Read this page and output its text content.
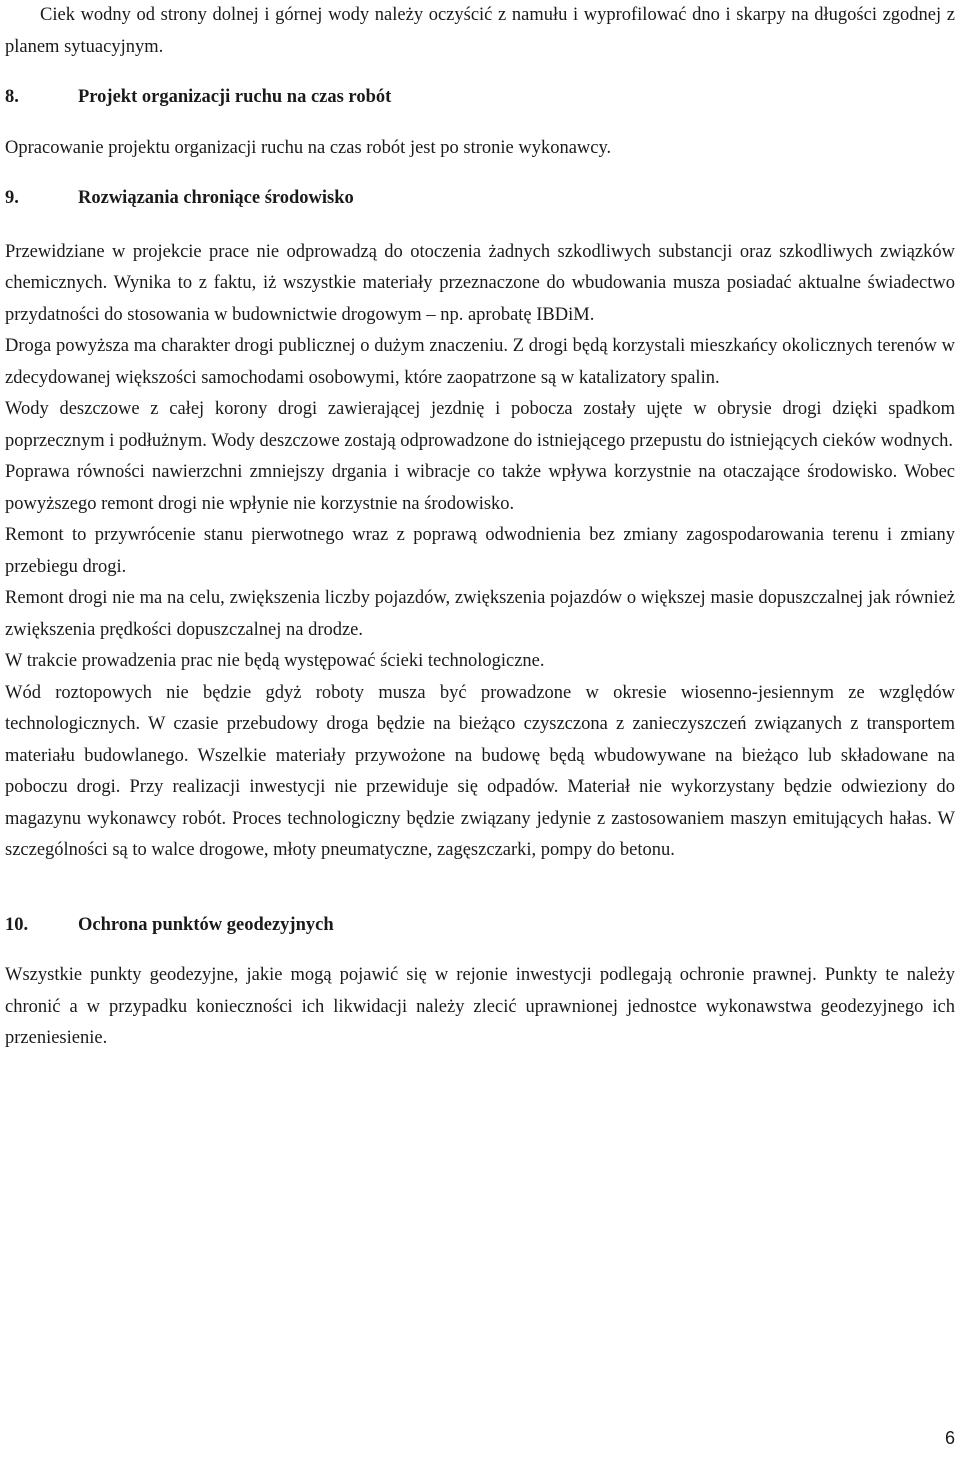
Ciek wodny od strony dolnej i górnej wody należy oczyścić z namułu i wyprofilować dno i skarpy na długości zgodnej z planem sytuacyjnym.

8.	Projekt organizacji ruchu na czas robót

Opracowanie projektu organizacji ruchu na czas robót jest po stronie wykonawcy.

9.	Rozwiązania chroniące środowisko

Przewidziane w projekcie prace nie odprowadzą do otoczenia żadnych szkodliwych substancji oraz szkodliwych związków chemicznych. Wynika to z faktu, iż wszystkie materiały przeznaczone do wbudowania musza posiadać aktualne świadectwo przydatności do stosowania w budownictwie drogowym – np. aprobatę IBDiM.

Droga powyższa ma charakter drogi publicznej o dużym znaczeniu. Z drogi będą korzystali mieszkańcy okolicznych terenów w zdecydowanej większości samochodami osobowymi, które zaopatrzone są w katalizatory spalin.

Wody deszczowe z całej korony drogi zawierającej jezdnię i pobocza zostały ujęte w obrysie drogi dzięki spadkom poprzecznym i podłużnym. Wody deszczowe zostają odprowadzone do istniejącego przepustu do istniejących cieków wodnych.

Poprawa równości nawierzchni zmniejszy drgania i wibracje co także wpływa korzystnie na otaczające środowisko. Wobec powyższego remont drogi nie wpłynie nie korzystnie na środowisko.

Remont to przywrócenie stanu pierwotnego wraz z poprawą odwodnienia bez zmiany zagospodarowania terenu i zmiany przebiegu drogi.

Remont drogi nie ma na celu, zwiększenia liczby pojazdów, zwiększenia pojazdów o większej masie dopuszczalnej jak również zwiększenia prędkości dopuszczalnej na drodze.

W trakcie prowadzenia prac nie będą występować ścieki technologiczne.

Wód roztopowych nie będzie gdyż roboty musza być prowadzone w okresie wiosenno-jesiennym ze względów technologicznych. W czasie przebudowy droga będzie na bieżąco czyszczona z zanieczyszczeń związanych z transportem materiału budowlanego. Wszelkie materiały przywożone na budowę będą wbudowywane na bieżąco lub składowane na poboczu drogi. Przy realizacji inwestycji nie przewiduje się odpadów. Materiał nie wykorzystany będzie odwieziony do magazynu wykonawcy robót. Proces technologiczny będzie związany jedynie z zastosowaniem maszyn emitujących hałas. W szczególności są to walce drogowe, młoty pneumatyczne, zagęszczarki, pompy do betonu.

10.	Ochrona punktów geodezyjnych

Wszystkie punkty geodezyjne, jakie mogą pojawić się w rejonie inwestycji podlegają ochronie prawnej. Punkty te należy chronić a w przypadku konieczności ich likwidacji należy zlecić uprawnionej jednostce wykonawstwa geodezyjnego ich przeniesienie.

6
